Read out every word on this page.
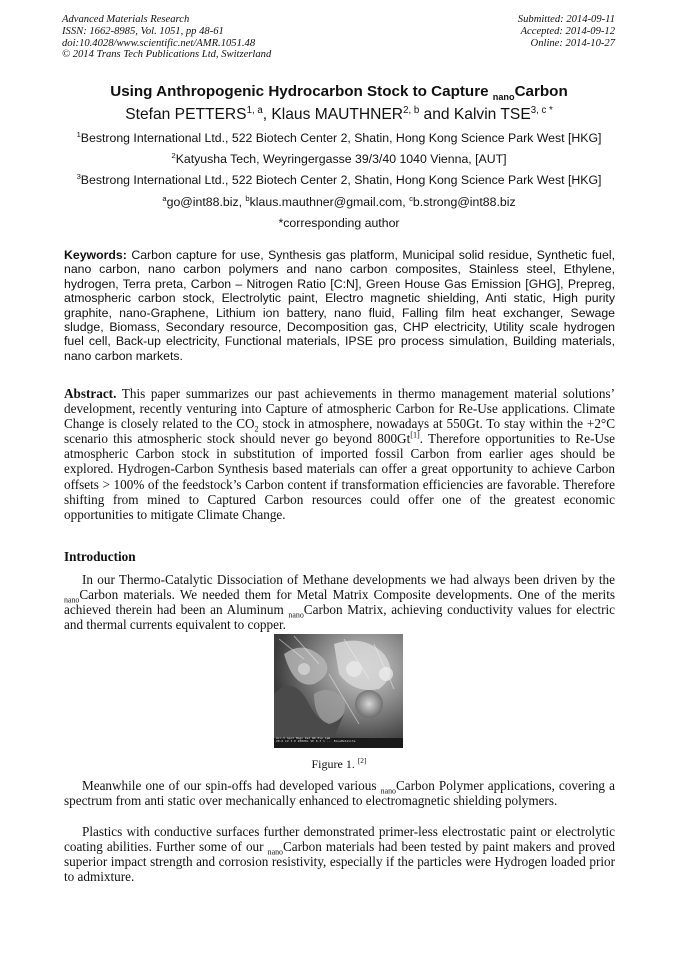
Advanced Materials Research
ISSN: 1662-8985, Vol. 1051, pp 48-61
doi:10.4028/www.scientific.net/AMR.1051.48
© 2014 Trans Tech Publications Ltd, Switzerland
Submitted: 2014-09-11
Accepted: 2014-09-12
Online: 2014-10-27
Using Anthropogenic Hydrocarbon Stock to Capture $_{nano}$Carbon
Stefan PETTERS$^{1, a}$, Klaus MAUTHNER$^{2, b}$ and Kalvin $TSE^{3, c *}$
$^1$Bestrong International Ltd., 522 Biotech Center 2, Shatin, Hong Kong Science Park West [HKG]
$^2$Katyusha Tech, Weyringergasse 39/3/40 1040 Vienna, [AUT]
$^3$Bestrong International Ltd., 522 Biotech Center 2, Shatin, Hong Kong Science Park West [HKG]
$^a$go@int88.biz, $^b$klaus.mauthner@gmail.com, $^c$b.strong@int88.biz
*corresponding author
Keywords: Carbon capture for use, Synthesis gas platform, Municipal solid residue, Synthetic fuel, nano carbon, nano carbon polymers and nano carbon composites, Stainless steel, Ethylene, hydrogen, Terra preta, Carbon – Nitrogen Ratio [C:N], Green House Gas Emission [GHG], Prepreg, atmospheric carbon stock, Electrolytic paint, Electro magnetic shielding, Anti static, High purity graphite, nano-Graphene, Lithium ion battery, nano fluid, Falling film heat exchanger, Sewage sludge, Biomass, Secondary resource, Decomposition gas, CHP electricity, Utility scale hydrogen fuel cell, Back-up electricity, Functional materials, IPSE pro process simulation, Building materials, nano carbon markets.
Abstract. This paper summarizes our past achievements in thermo management material solutions’ development, recently venturing into Capture of atmospheric Carbon for Re-Use applications. Climate Change is closely related to the $CO_2$ stock in atmosphere, nowadays at 550Gt. To stay within the +2°C scenario this atmospheric stock should never go beyond 800Gt[1]. Therefore opportunities to Re-Use atmospheric Carbon stock in substitution of imported fossil Carbon from earlier ages should be explored. Hydrogen-Carbon Synthesis based materials can offer a great opportunity to achieve Carbon offsets > 100% of the feedstock’s Carbon content if transformation efficiencies are favorable. Therefore shifting from mined to Captured Carbon resources could offer one of the greatest economic opportunities to mitigate Climate Change.
Introduction
In our Thermo-Catalytic Dissociation of Methane developments we had always been driven by the $_{nano}$Carbon materials. We needed them for Metal Matrix Composite developments. One of the merits achieved therein had been an Aluminum $_{nano}$Carbon Matrix, achieving conductivity values for electric and thermal currents equivalent to copper.
Acc.V Spot Magn Det WD Exp 1μm
20.0 kV 3.0 20000x SE 8.3 1 ... BlueMetalite
Figure 1. [2]
Meanwhile one of our spin-offs had developed various $_{nano}$Carbon Polymer applications, covering a spectrum from anti static over mechanically enhanced to electromagnetic shielding polymers.
Plastics with conductive surfaces further demonstrated primer-less electrostatic paint or electrolytic coating abilities. Further some of our $_{nano}$Carbon materials had been tested by paint makers and proved superior impact strength and corrosion resistivity, especially if the particles were Hydrogen loaded prior to admixture.
